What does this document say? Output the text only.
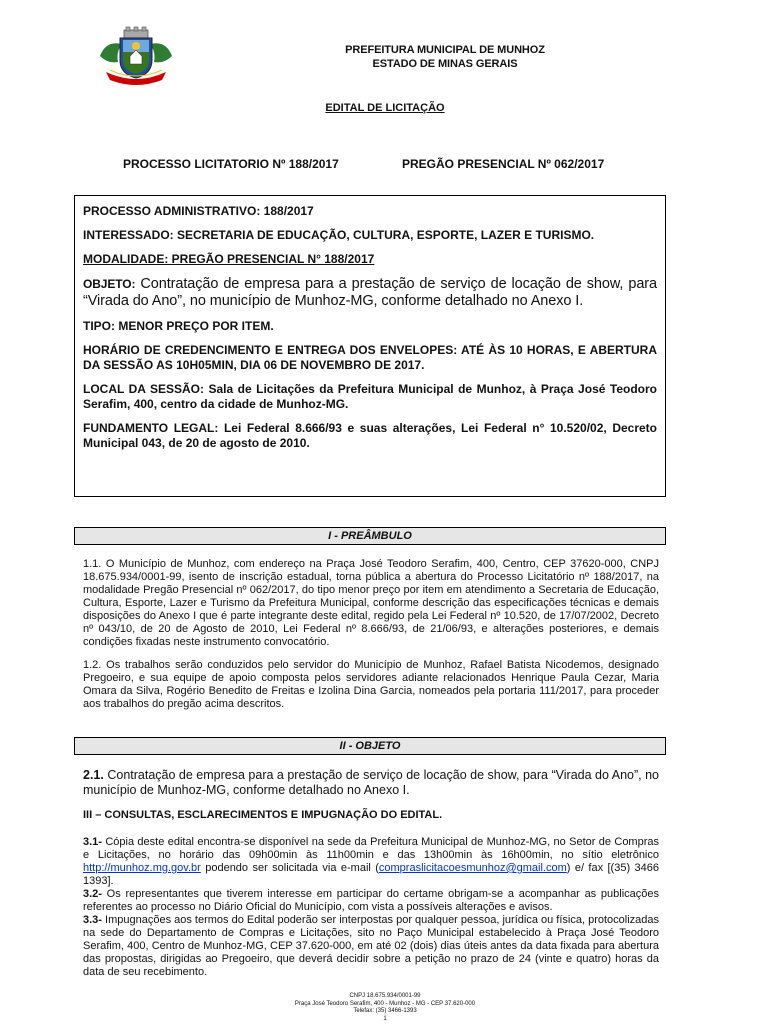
PREFEITURA MUNICIPAL DE MUNHOZ
ESTADO DE MINAS GERAIS
EDITAL DE LICITAÇÃO
PROCESSO LICITATORIO Nº 188/2017	PREGÃO PRESENCIAL Nº 062/2017

PROCESSO ADMINISTRATIVO: 188/2017

INTERESSADO: SECRETARIA DE EDUCAÇÃO, CULTURA, ESPORTE, LAZER E TURISMO.

MODALIDADE: PREGÃO PRESENCIAL N° 188/2017

OBJETO: Contratação de empresa para a prestação de serviço de locação de show, para “Virada do Ano”, no município de Munhoz-MG, conforme detalhado no Anexo I.

TIPO: MENOR PREÇO POR ITEM.

HORÁRIO DE CREDENCIMENTO E ENTREGA DOS ENVELOPES: ATÉ ÀS 10 HORAS, E ABERTURA DA SESSÃO AS 10H05MIN, DIA 06 DE NOVEMBRO DE 2017.

LOCAL DA SESSÃO: Sala de Licitações da Prefeitura Municipal de Munhoz, à Praça José Teodoro Serafim, 400, centro da cidade de Munhoz-MG.

FUNDAMENTO LEGAL: Lei Federal 8.666/93 e suas alterações, Lei Federal n° 10.520/02, Decreto Municipal 043, de 20 de agosto de 2010.

I - PREÂMBULO

1.1. O Município de Munhoz, com endereço na Praça José Teodoro Serafim, 400, Centro, CEP 37620-000, CNPJ 18.675.934/0001-99, isento de inscrição estadual, torna pública a abertura do Processo Licitatório nº 188/2017, na modalidade Pregão Presencial nº 062/2017, do tipo menor preço por item em atendimento a Secretaria de Educação, Cultura, Esporte, Lazer e Turismo da Prefeitura Municipal, conforme descrição das especificações técnicas e demais disposições do Anexo I que é parte integrante deste edital, regido pela Lei Federal nº 10.520, de 17/07/2002, Decreto nº 043/10, de 20 de Agosto de 2010, Lei Federal nº 8.666/93, de 21/06/93, e alterações posteriores, e demais condições fixadas neste instrumento convocatório.

1.2. Os trabalhos serão conduzidos pelo servidor do Município de Munhoz, Rafael Batista Nicodemos, designado Pregoeiro, e sua equipe de apoio composta pelos servidores adiante relacionados Henrique Paula Cezar, Maria Omara da Silva, Rogério Benedito de Freitas e Izolina Dina Garcia, nomeados pela portaria 111/2017, para proceder aos trabalhos do pregão acima descritos.

II - OBJETO

2.1. Contratação de empresa para a prestação de serviço de locação de show, para “Virada do Ano”, no município de Munhoz-MG, conforme detalhado no Anexo I.

III – CONSULTAS, ESCLARECIMENTOS E IMPUGNAÇÃO DO EDITAL.

3.1- Cópia deste edital encontra-se disponível na sede da Prefeitura Municipal de Munhoz-MG, no Setor de Compras e Licitações, no horário das 09h00min às 11h00min e das 13h00min às 16h00min, no sítio eletrônico http://munhoz.mg.gov.br podendo ser solicitada via e-mail (compraslicitacoesmunhoz@gmail.com) e/ fax [(35) 3466 1393].

3.2- Os representantes que tiverem interesse em participar do certame obrigam-se a acompanhar as publicações referentes ao processo no Diário Oficial do Município, com vista a possíveis alterações e avisos.

3.3- Impugnações aos termos do Edital poderão ser interpostas por qualquer pessoa, jurídica ou física, protocolizadas na sede do Departamento de Compras e Licitações, sito no Paço Municipal estabelecido à Praça José Teodoro Serafim, 400, Centro de Munhoz-MG, CEP 37.620-000, em até 02 (dois) dias úteis antes da data fixada para abertura das propostas, dirigidas ao Pregoeiro, que deverá decidir sobre a petição no prazo de 24 (vinte e quatro) horas da data de seu recebimento.

CNPJ 18.675.934/0001-99
Praça José Teodoro Serafim, 400 - Munhoz - MG - CEP 37.620-000
Telefax: (35) 3466-1393
1
